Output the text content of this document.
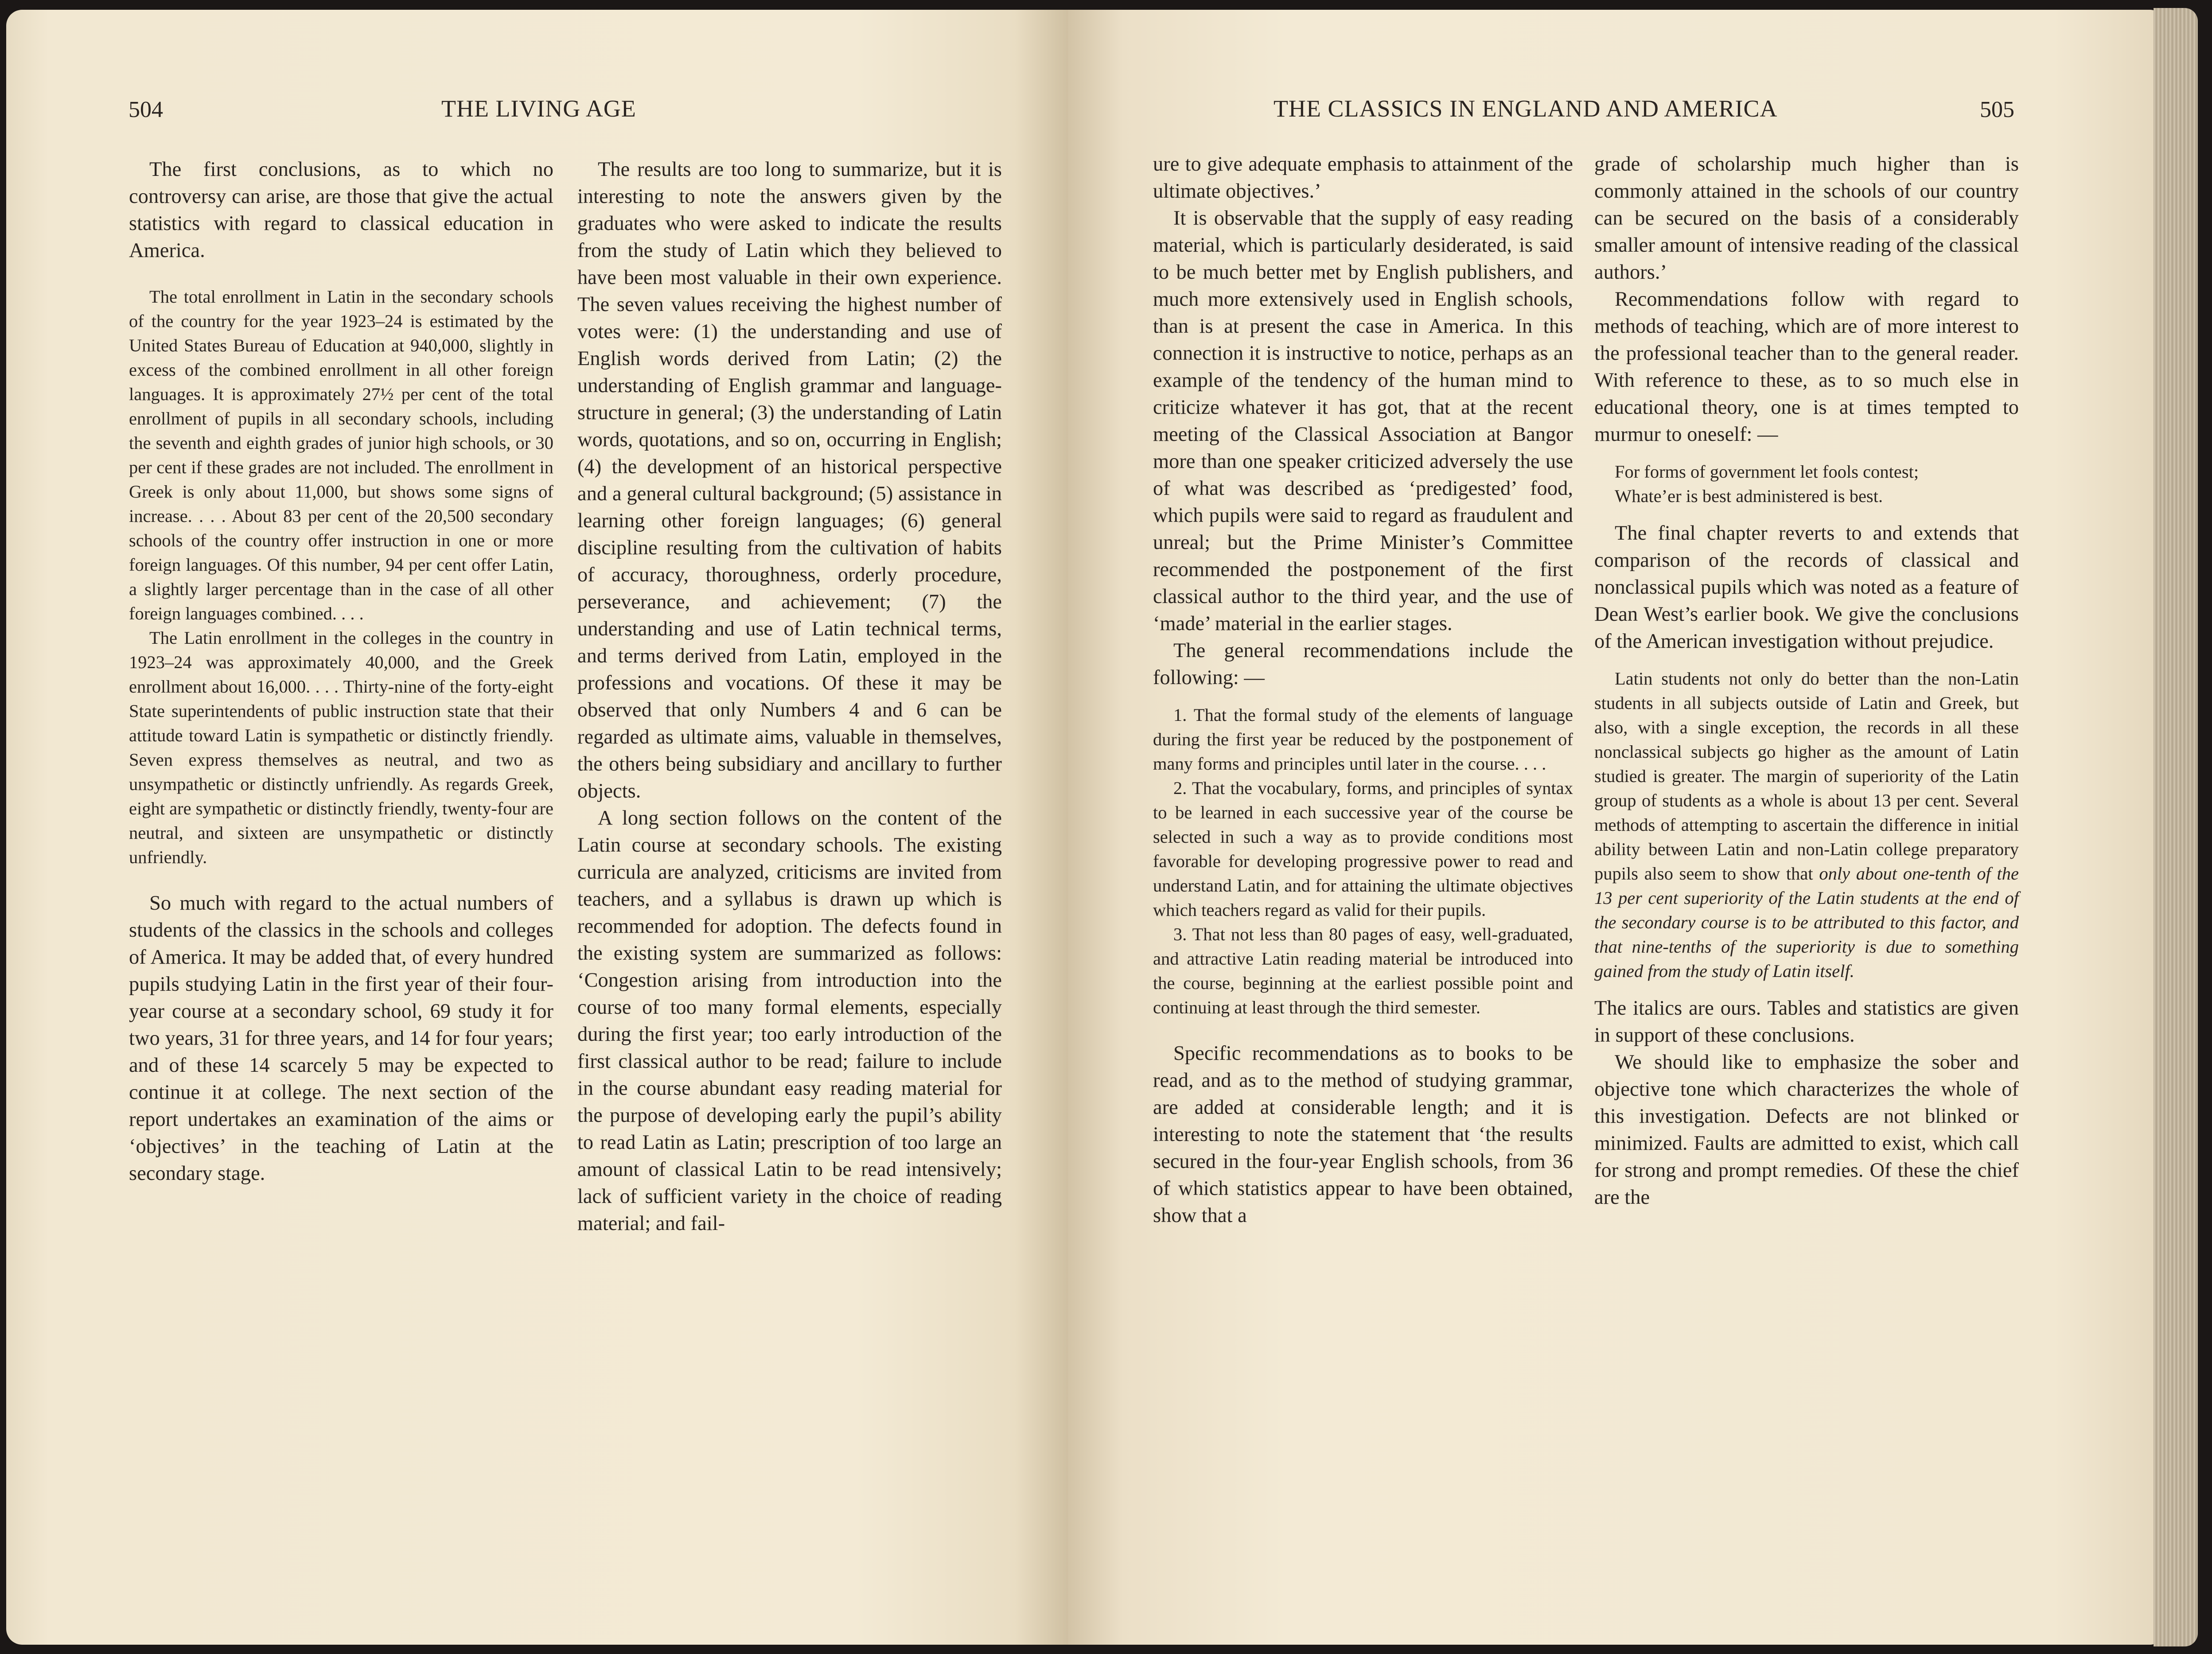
504	THE LIVING AGE

The first conclusions, as to which no controversy can arise, are those that give the actual statistics with regard to classical education in America.

The total enrollment in Latin in the secondary schools of the country for the year 1923–24 is estimated by the United States Bureau of Education at 940,000, slightly in excess of the combined enrollment in all other foreign languages. It is approximately 27½ per cent of the total enrollment of pupils in all secondary schools, including the seventh and eighth grades of junior high schools, or 30 per cent if these grades are not included. The enrollment in Greek is only about 11,000, but shows some signs of increase. . . . About 83 per cent of the 20,500 secondary schools of the country offer instruction in one or more foreign languages. Of this number, 94 per cent offer Latin, a slightly larger percentage than in the case of all other foreign languages combined. . . .

The Latin enrollment in the colleges in the country in 1923–24 was approximately 40,000, and the Greek enrollment about 16,000. . . . Thirty-nine of the forty-eight State superintendents of public instruction state that their attitude toward Latin is sympathetic or distinctly friendly. Seven express themselves as neutral, and two as unsympathetic or distinctly unfriendly. As regards Greek, eight are sympathetic or distinctly friendly, twenty-four are neutral, and sixteen are unsympathetic or distinctly unfriendly.

So much with regard to the actual numbers of students of the classics in the schools and colleges of America. It may be added that, of every hundred pupils studying Latin in the first year of their four-year course at a secondary school, 69 study it for two years, 31 for three years, and 14 for four years; and of these 14 scarcely 5 may be expected to continue it at college. The next section of the report undertakes an examination of the aims or ‘objectives’ in the teaching of Latin at the secondary stage.

The results are too long to summarize, but it is interesting to note the answers given by the graduates who were asked to indicate the results from the study of Latin which they believed to have been most valuable in their own experience. The seven values receiving the highest number of votes were: (1) the understanding and use of English words derived from Latin; (2) the understanding of English grammar and language-structure in general; (3) the understanding of Latin words, quotations, and so on, occurring in English; (4) the development of an historical perspective and a general cultural background; (5) assistance in learning other foreign languages; (6) general discipline resulting from the cultivation of habits of accuracy, thoroughness, orderly procedure, perseverance, and achievement; (7) the understanding and use of Latin technical terms, and terms derived from Latin, employed in the professions and vocations. Of these it may be observed that only Numbers 4 and 6 can be regarded as ultimate aims, valuable in themselves, the others being subsidiary and ancillary to further objects.

A long section follows on the content of the Latin course at secondary schools. The existing curricula are analyzed, criticisms are invited from teachers, and a syllabus is drawn up which is recommended for adoption. The defects found in the existing system are summarized as follows: ‘Congestion arising from introduction into the course of too many formal elements, especially during the first year; too early introduction of the first classical author to be read; failure to include in the course abundant easy reading material for the purpose of developing early the pupil’s ability to read Latin as Latin; prescription of too large an amount of classical Latin to be read intensively; lack of sufficient variety in the choice of reading material; and fail-

THE CLASSICS IN ENGLAND AND AMERICA	505

ure to give adequate emphasis to attainment of the ultimate objectives.’

It is observable that the supply of easy reading material, which is particularly desiderated, is said to be much better met by English publishers, and much more extensively used in English schools, than is at present the case in America. In this connection it is instructive to notice, perhaps as an example of the tendency of the human mind to criticize whatever it has got, that at the recent meeting of the Classical Association at Bangor more than one speaker criticized adversely the use of what was described as ‘predigested’ food, which pupils were said to regard as fraudulent and unreal; but the Prime Minister’s Committee recommended the postponement of the first classical author to the third year, and the use of ‘made’ material in the earlier stages.

The general recommendations include the following: —

1. That the formal study of the elements of language during the first year be reduced by the postponement of many forms and principles until later in the course. . . .

2. That the vocabulary, forms, and principles of syntax to be learned in each successive year of the course be selected in such a way as to provide conditions most favorable for developing progressive power to read and understand Latin, and for attaining the ultimate objectives which teachers regard as valid for their pupils.

3. That not less than 80 pages of easy, well-graduated, and attractive Latin reading material be introduced into the course, beginning at the earliest possible point and continuing at least through the third semester.

Specific recommendations as to books to be read, and as to the method of studying grammar, are added at considerable length; and it is interesting to note the statement that ‘the results secured in the four-year English schools, from 36 of which statistics appear to have been obtained, show that a

grade of scholarship much higher than is commonly attained in the schools of our country can be secured on the basis of a considerably smaller amount of intensive reading of the classical authors.’

Recommendations follow with regard to methods of teaching, which are of more interest to the professional teacher than to the general reader. With reference to these, as to so much else in educational theory, one is at times tempted to murmur to oneself: —

For forms of government let fools contest;

Whate’er is best administered is best.

The final chapter reverts to and extends that comparison of the records of classical and nonclassical pupils which was noted as a feature of Dean West’s earlier book. We give the conclusions of the American investigation without prejudice.

Latin students not only do better than the non-Latin students in all subjects outside of Latin and Greek, but also, with a single exception, the records in all these nonclassical subjects go higher as the amount of Latin studied is greater. The margin of superiority of the Latin group of students as a whole is about 13 per cent. Several methods of attempting to ascertain the difference in initial ability between Latin and non-Latin college preparatory pupils also seem to show that only about one-tenth of the 13 per cent superiority of the Latin students at the end of the secondary course is to be attributed to this factor, and that nine-tenths of the superiority is due to something gained from the study of Latin itself.

The italics are ours. Tables and statistics are given in support of these conclusions.

We should like to emphasize the sober and objective tone which characterizes the whole of this investigation. Defects are not blinked or minimized. Faults are admitted to exist, which call for strong and prompt remedies. Of these the chief are the
